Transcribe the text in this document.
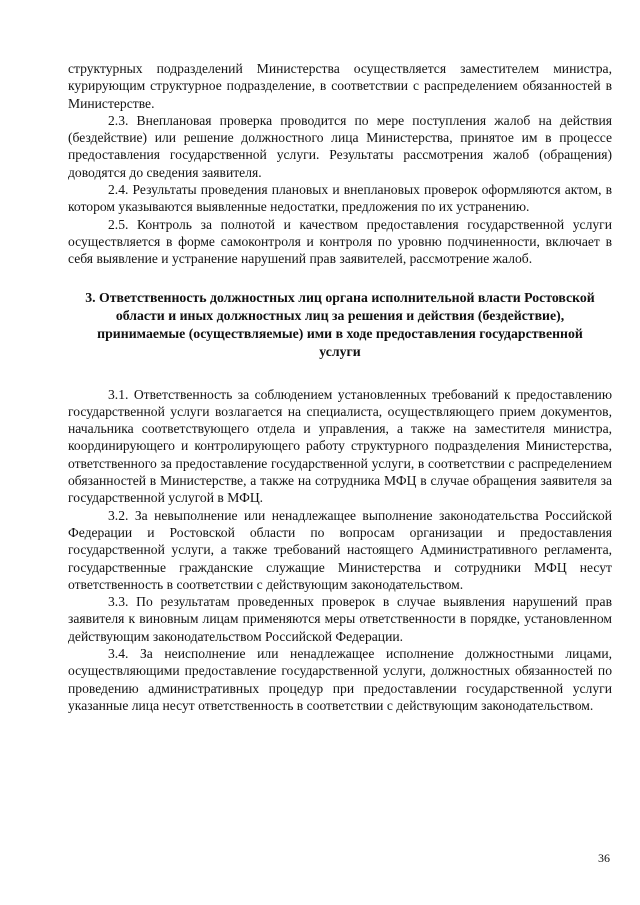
структурных подразделений Министерства осуществляется заместителем министра, курирующим структурное подразделение, в соответствии с распределением обязанностей в Министерстве.

2.3. Внеплановая проверка проводится по мере поступления жалоб на действия (бездействие) или решение должностного лица Министерства, принятое им в процессе предоставления государственной услуги. Результаты рассмотрения жалоб (обращения) доводятся до сведения заявителя.

2.4. Результаты проведения плановых и внеплановых проверок оформляются актом, в котором указываются выявленные недостатки, предложения по их устранению.

2.5. Контроль за полнотой и качеством предоставления государственной услуги осуществляется в форме самоконтроля и контроля по уровню подчиненности, включает в себя выявление и устранение нарушений прав заявителей, рассмотрение жалоб.

3. Ответственность должностных лиц органа исполнительной власти Ростовской области и иных должностных лиц за решения и действия (бездействие), принимаемые (осуществляемые) ими в ходе предоставления государственной услуги

3.1. Ответственность за соблюдением установленных требований к предоставлению государственной услуги возлагается на специалиста, осуществляющего прием документов, начальника соответствующего отдела и управления, а также на заместителя министра, координирующего и контролирующего работу структурного подразделения Министерства, ответственного за предоставление государственной услуги, в соответствии с распределением обязанностей в Министерстве, а также на сотрудника МФЦ в случае обращения заявителя за государственной услугой в МФЦ.

3.2. За невыполнение или ненадлежащее выполнение законодательства Российской Федерации и Ростовской области по вопросам организации и предоставления государственной услуги, а также требований настоящего Административного регламента, государственные гражданские служащие Министерства и сотрудники МФЦ несут ответственность в соответствии с действующим законодательством.

3.3. По результатам проведенных проверок в случае выявления нарушений прав заявителя к виновным лицам применяются меры ответственности в порядке, установленном действующим законодательством Российской Федерации.

3.4. За неисполнение или ненадлежащее исполнение должностными лицами, осуществляющими предоставление государственной услуги, должностных обязанностей по проведению административных процедур при предоставлении государственной услуги указанные лица несут ответственность в соответствии с действующим законодательством.

36
